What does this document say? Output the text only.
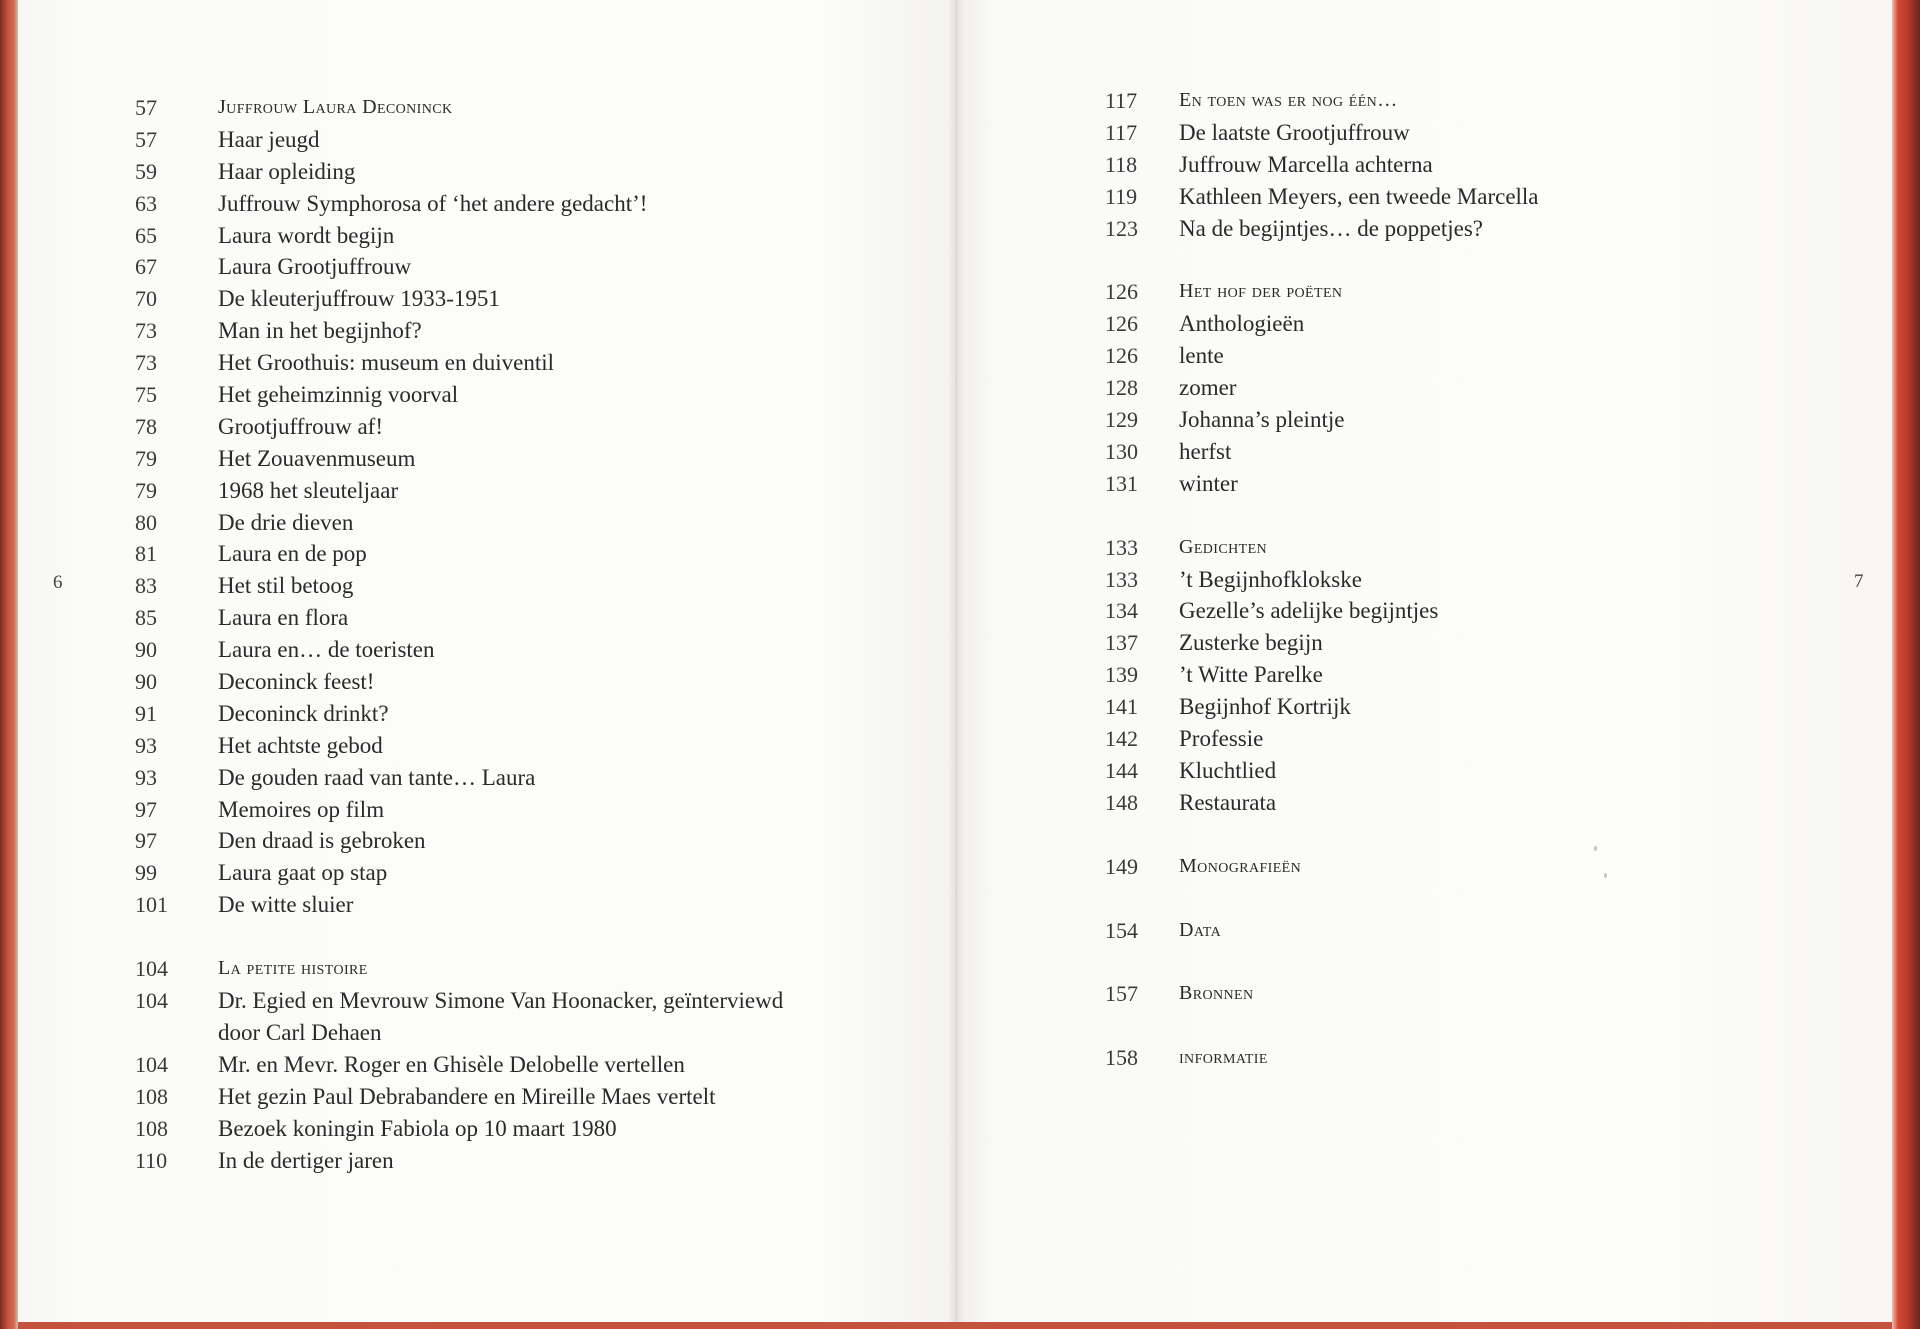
57	Juffrouw Laura Deconinck
57	Haar jeugd
59	Haar opleiding
63	Juffrouw Symphorosa of ‘het andere gedacht’!
65	Laura wordt begijn
67	Laura Grootjuffrouw
70	De kleuterjuffrouw 1933-1951
73	Man in het begijnhof?
73	Het Groothuis: museum en duiventil
75	Het geheimzinnig voorval
78	Grootjuffrouw af!
79	Het Zouavenmuseum
79	1968 het sleuteljaar
80	De drie dieven
81	Laura en de pop
83	Het stil betoog
85	Laura en flora
90	Laura en… de toeristen
90	Deconinck feest!
91	Deconinck drinkt?
93	Het achtste gebod
93	De gouden raad van tante… Laura
97	Memoires op film
97	Den draad is gebroken
99	Laura gaat op stap
101	De witte sluier
104	La petite histoire
104	Dr. Egied en Mevrouw Simone Van Hoonacker, geïnterviewd door Carl Dehaen
104	Mr. en Mevr. Roger en Ghisèle Delobelle vertellen
108	Het gezin Paul Debrabandere en Mireille Maes vertelt
108	Bezoek koningin Fabiola op 10 maart 1980
110	In de dertiger jaren
117	En toen was er nog één…
117	De laatste Grootjuffrouw
118	Juffrouw Marcella achterna
119	Kathleen Meyers, een tweede Marcella
123	Na de begijntjes… de poppetjes?
126	Het hof der poëten
126	Anthologieën
126	lente
128	zomer
129	Johanna’s pleintje
130	herfst
131	winter
133	Gedichten
133	’t Begijnhofklokske
134	Gezelle’s adelijke begijntjes
137	Zusterke begijn
139	’t Witte Parelke
141	Begijnhof Kortrijk
142	Professie
144	Kluchtlied
148	Restaurata
149	Monografieën
154	Data
157	Bronnen
158	informatie
6	7
